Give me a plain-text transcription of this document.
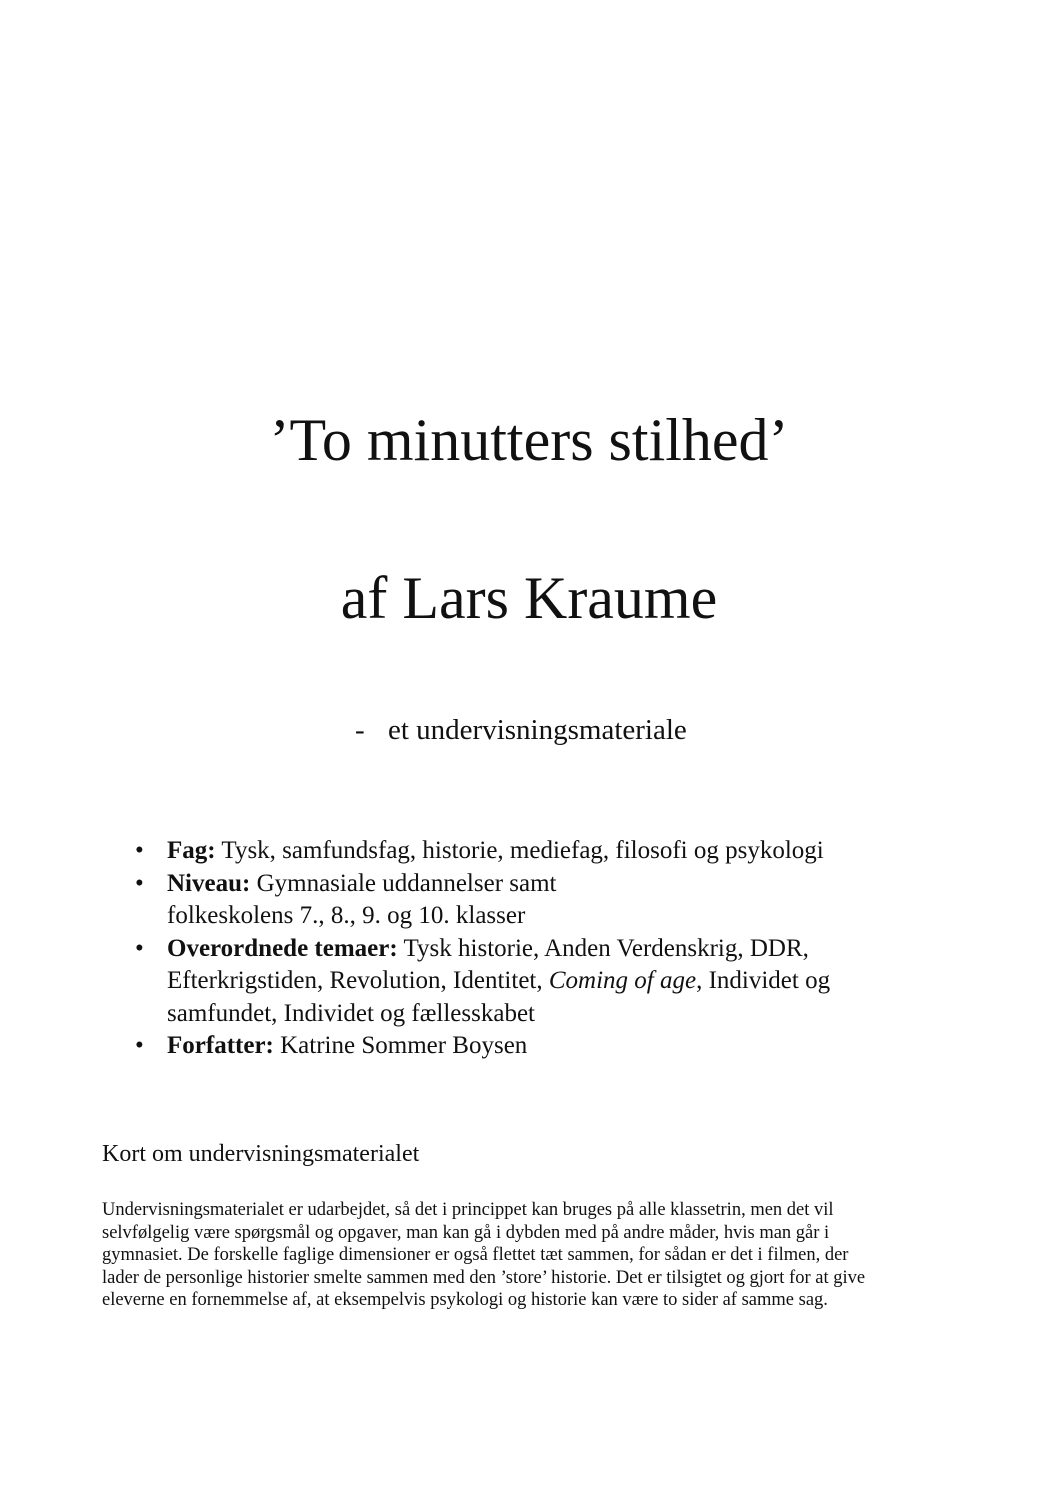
’To minutters stilhed’
af Lars Kraume

- et undervisningsmateriale

• Fag: Tysk, samfundsfag, historie, mediefag, filosofi og psykologi
• Niveau: Gymnasiale uddannelser samt
folkeskolens 7., 8., 9. og 10. klasser
• Overordnede temaer: Tysk historie, Anden Verdenskrig, DDR, Efterkrigstiden, Revolution, Identitet, Coming of age, Individet og samfundet, Individet og fællesskabet
• Forfatter: Katrine Sommer Boysen
Kort om undervisningsmaterialet

Undervisningsmaterialet er udarbejdet, så det i princippet kan bruges på alle klassetrin, men det vil
selvfølgelig være spørgsmål og opgaver, man kan gå i dybden med på andre måder, hvis man går i
gymnasiet. De forskelle faglige dimensioner er også flettet tæt sammen, for sådan er det i filmen, der
lader de personlige historier smelte sammen med den ’store’ historie. Det er tilsigtet og gjort for at give
eleverne en fornemmelse af, at eksempelvis psykologi og historie kan være to sider af samme sag.
